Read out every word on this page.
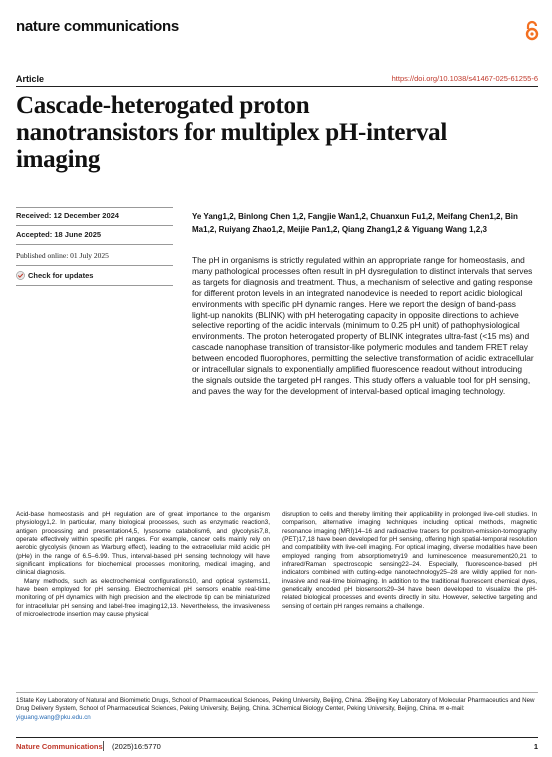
nature communications
Article	https://doi.org/10.1038/s41467-025-61255-6
Cascade-heterogated proton nanotransistors for multiplex pH-interval imaging
Received: 12 December 2024
Accepted: 18 June 2025
Published online: 01 July 2025
Check for updates
Ye Yang1,2, Binlong Chen 1,2, Fangjie Wan1,2, Chuanxun Fu1,2, Meifang Chen1,2, Bin Ma1,2, Ruiyang Zhao1,2, Meijie Pan1,2, Qiang Zhang1,2 & Yiguang Wang 1,2,3
The pH in organisms is strictly regulated within an appropriate range for homeostasis, and many pathological processes often result in pH dysregulation to distinct intervals that serves as targets for diagnosis and treatment. Thus, a mechanism of selective and gating response for different proton levels in an integrated nanodevice is needed to report acidic biological environments with specific pH dynamic ranges. Here we report the design of band-pass light-up nanokits (BLINK) with pH heterogating capacity in opposite directions to achieve selective reporting of the acidic intervals (minimum to 0.25 pH unit) of pathophysiological environments. The proton heterogated property of BLINK integrates ultra-fast (<15 ms) and cascade nanophase transition of transistor-like polymeric modules and tandem FRET relay between encoded fluorophores, permitting the selective transformation of acidic extracellular or intracellular signals to exponentially amplified fluorescence readout without introducing the signals outside the targeted pH ranges. This study offers a valuable tool for pH sensing, and paves the way for the development of interval-based optical imaging technology.
Acid-base homeostasis and pH regulation are of great importance to the organism physiology1,2. In particular, many biological processes, such as enzymatic reaction3, antigen processing and presentation4,5, lysosome catabolism6, and glycolysis7,8, operate effectively within specific pH ranges. For example, cancer cells mainly rely on aerobic glycolysis (known as Warburg effect), leading to the extracellular mild acidic pH (pHe) in the range of 6.5–6.99. Thus, interval-based pH sensing technology will have significant implications for biochemical processes monitoring, medical imaging, and clinical diagnosis.
Many methods, such as electrochemical configurations10, and optical systems11, have been employed for pH sensing. Electrochemical pH sensors enable real-time monitoring of pH dynamics with high precision and the electrode tip can be miniaturized for intracellular pH sensing and label-free imaging12,13. Nevertheless, the invasiveness of microelectrode insertion may cause physical
disruption to cells and thereby limiting their applicability in prolonged live-cell studies. In comparison, alternative imaging techniques including optical methods, magnetic resonance imaging (MRI)14–16 and radioactive tracers for positron-emission-tomography (PET)17,18 have been developed for pH sensing, offering high spatial-temporal resolution and compatibility with live-cell imaging. For optical imaging, diverse modalities have been employed ranging from absorptiometry19 and luminescence measurement20,21 to infrared/Raman spectroscopic sensing22–24. Especially, fluorescence-based pH indicators combined with cutting-edge nanotechnology25–28 are wildly applied for non-invasive and real-time bioimaging. In addition to the traditional fluorescent chemical dyes, genetically encoded pH biosensors29–34 have been developed to visualize the pH-related biological processes and events directly in situ. However, selective targeting and sensing of certain pH ranges remains a challenge.
1State Key Laboratory of Natural and Biomimetic Drugs, School of Pharmaceutical Sciences, Peking University, Beijing, China. 2Beijing Key Laboratory of Molecular Pharmaceutics and New Drug Delivery System, School of Pharmaceutical Sciences, Peking University, Beijing, China. 3Chemical Biology Center, Peking University, Beijing, China. ✉ e-mail: yiguang.wang@pku.edu.cn
Nature Communications (2025)16:5770	1
